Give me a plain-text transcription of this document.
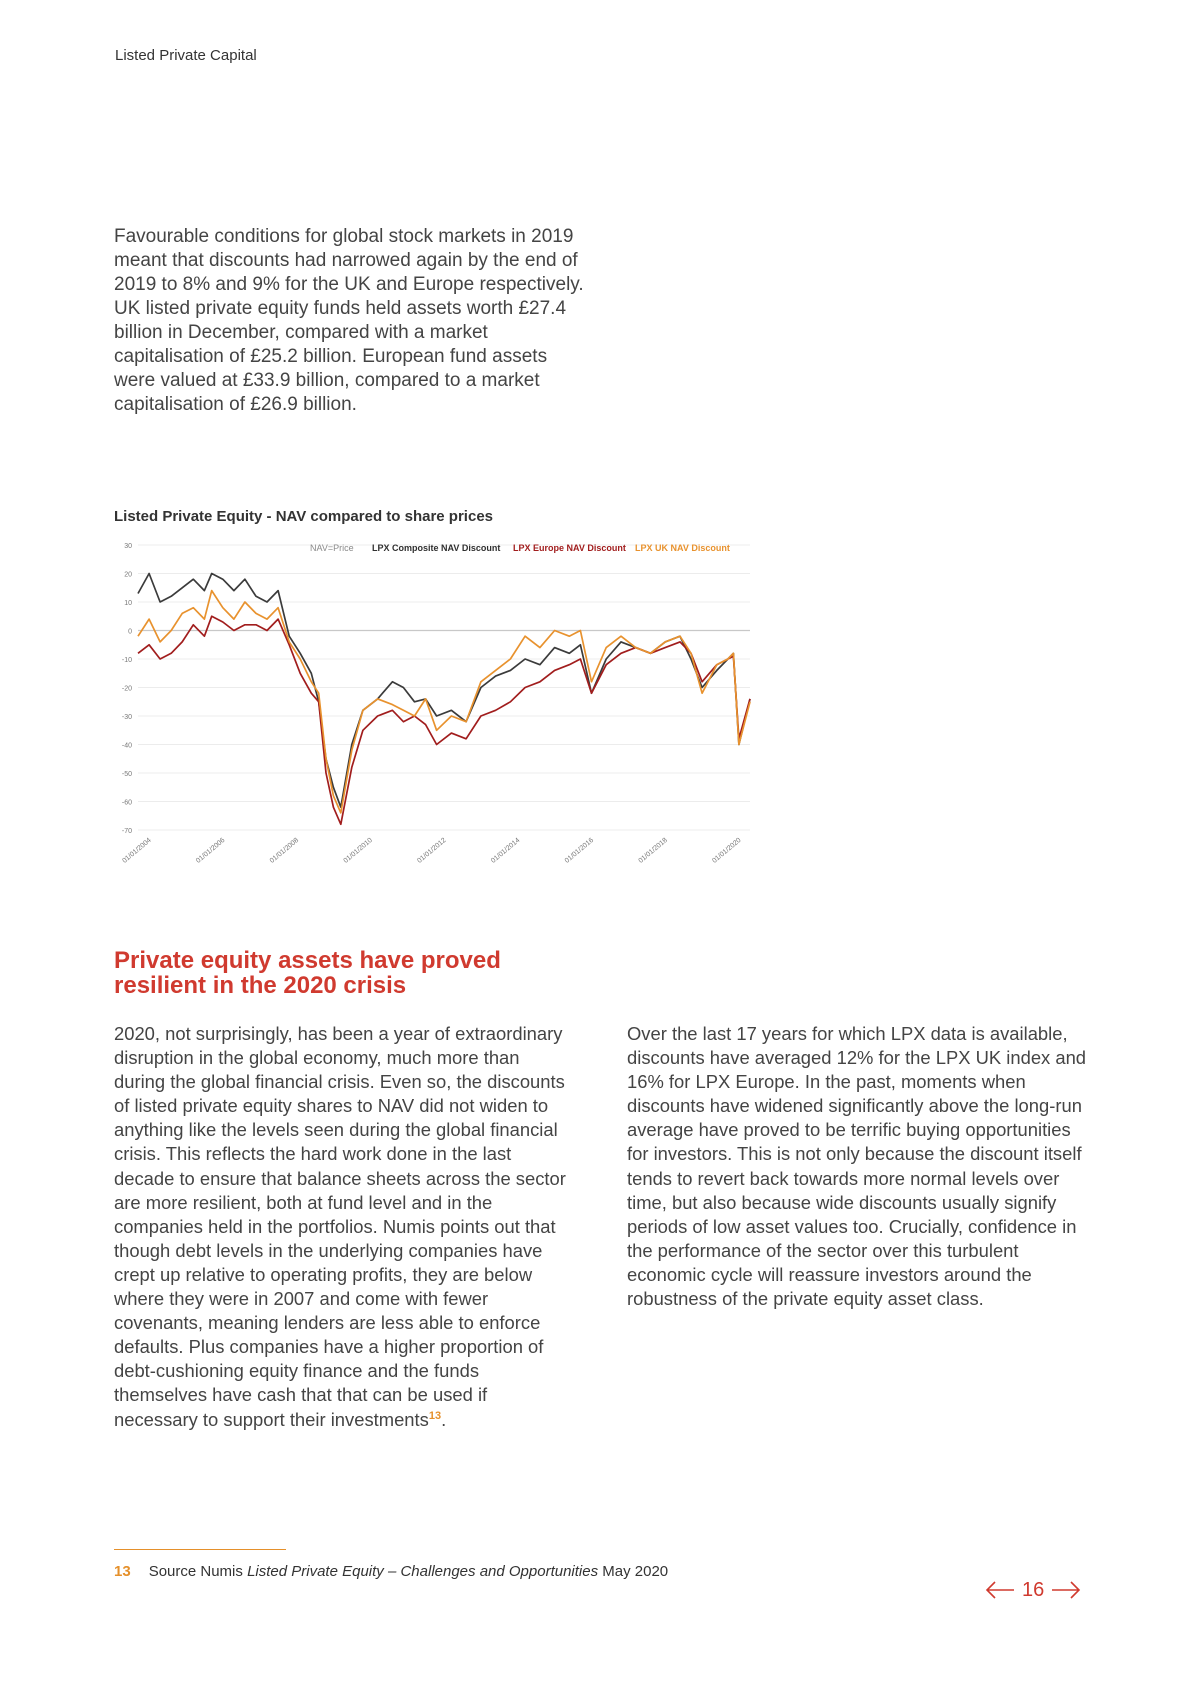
Listed Private Capital

Favourable conditions for global stock markets in 2019 meant that discounts had narrowed again by the end of 2019 to 8% and 9% for the UK and Europe respectively. UK listed private equity funds held assets worth £27.4 billion in December, compared with a market capitalisation of £25.2 billion. European fund assets were valued at £33.9 billion, compared to a market capitalisation of £26.9 billion.

Listed Private Equity - NAV compared to share prices
30
20
10
0
-10
-20
-30
-40
-50
-60
-70
01/01/2004	01/01/2006	01/01/2008	01/01/2010	01/01/2012	01/01/2014	01/01/2016	01/01/2018	01/01/2020
NAV=Price LPX Composite NAV Discount LPX Europe NAV Discount LPX UK NAV Discount
Private equity assets have proved resilient in the 2020 crisis

2020, not surprisingly, has been a year of extraordinary disruption in the global economy, much more than during the global financial crisis. Even so, the discounts of listed private equity shares to NAV did not widen to anything like the levels seen during the global financial crisis. This reflects the hard work done in the last decade to ensure that balance sheets across the sector are more resilient, both at fund level and in the companies held in the portfolios. Numis points out that though debt levels in the underlying companies have crept up relative to operating profits, they are below where they were in 2007 and come with fewer covenants, meaning lenders are less able to enforce defaults. Plus companies have a higher proportion of debt-cushioning equity finance and the funds themselves have cash that that can be used if necessary to support their investments$^{13}$.

Over the last 17 years for which LPX data is available, discounts have averaged 12% for the LPX UK index and 16% for LPX Europe. In the past, moments when discounts have widened significantly above the long-run average have proved to be terrific buying opportunities for investors. This is not only because the discount itself tends to revert back towards more normal levels over time, but also because wide discounts usually signify periods of low asset values too. Crucially, confidence in the performance of the sector over this turbulent economic cycle will reassure investors around the robustness of the private equity asset class.

13 Source Numis Listed Private Equity – Challenges and Opportunities May 2020
16
